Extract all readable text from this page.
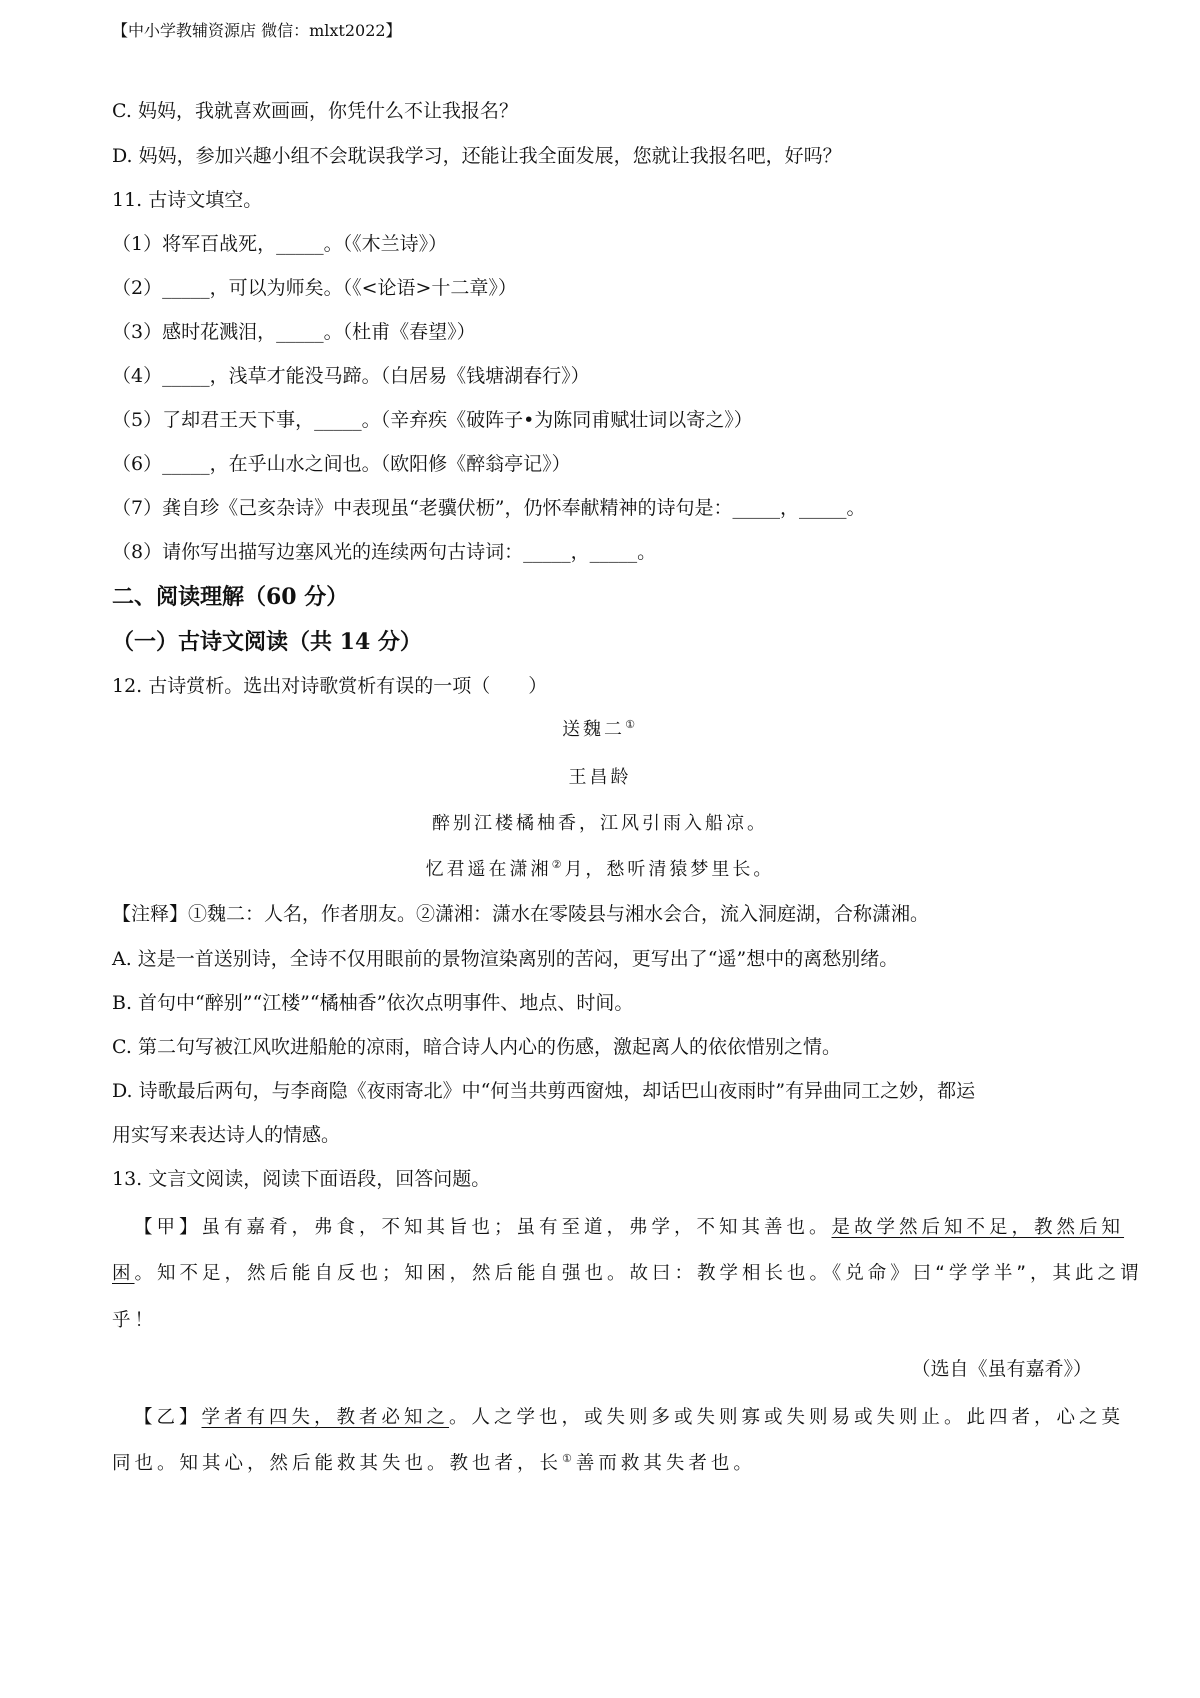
【中小学教辅资源店 微信：mlxt2022】
C. 妈妈，我就喜欢画画，你凭什么不让我报名？
D. 妈妈，参加兴趣小组不会耽误我学习，还能让我全面发展，您就让我报名吧，好吗？
11. 古诗文填空。
（1）将军百战死，_____。（《木兰诗》）
（2）_____，可以为师矣。（《<论语>十二章》）
（3）感时花溅泪，_____。（杜甫《春望》）
（4）_____，浅草才能没马蹄。（白居易《钱塘湖春行》）
（5）了却君王天下事，_____。（辛弃疾《破阵子•为陈同甫赋壮词以寄之》）
（6）_____，在乎山水之间也。（欧阳修《醉翁亭记》）
（7）龚自珍《己亥杂诗》中表现虽“老骥伏枥”，仍怀奉献精神的诗句是：_____，_____。
（8）请你写出描写边塞风光的连续两句古诗词：_____，_____。
二、阅读理解（60 分）
（一）古诗文阅读（共 14 分）
12. 古诗赏析。选出对诗歌赏析有误的一项（　　）
送魏二①
王昌龄
醉别江楼橘柚香，江风引雨入船凉。
忆君遥在潇湘②月，愁听清猿梦里长。
【注释】①魏二：人名，作者朋友。②潇湘：潇水在零陵县与湘水会合，流入洞庭湖，合称潇湘。
A. 这是一首送别诗，全诗不仅用眼前的景物渲染离别的苦闷，更写出了“遥”想中的离愁别绪。
B. 首句中“醉别”“江楼”“橘柚香”依次点明事件、地点、时间。
C. 第二句写被江风吹进船舱的凉雨，暗合诗人内心的伤感，激起离人的依依惜别之情。
D. 诗歌最后两句，与李商隐《夜雨寄北》中“何当共剪西窗烛，却话巴山夜雨时”有异曲同工之妙，都运
用实写来表达诗人的情感。
13. 文言文阅读，阅读下面语段，回答问题。
【甲】虽有嘉肴，弗食，不知其旨也；虽有至道，弗学，不知其善也。是故学然后知不足，教然后知
困。知不足，然后能自反也；知困，然后能自强也。故曰：教学相长也。《兑命》曰“学学半”，其此之谓
乎！
（选自《虽有嘉肴》）
【乙】学者有四失，教者必知之。人之学也，或失则多或失则寡或失则易或失则止。此四者，心之莫
同也。知其心，然后能救其失也。教也者，长①善而救其失者也。
